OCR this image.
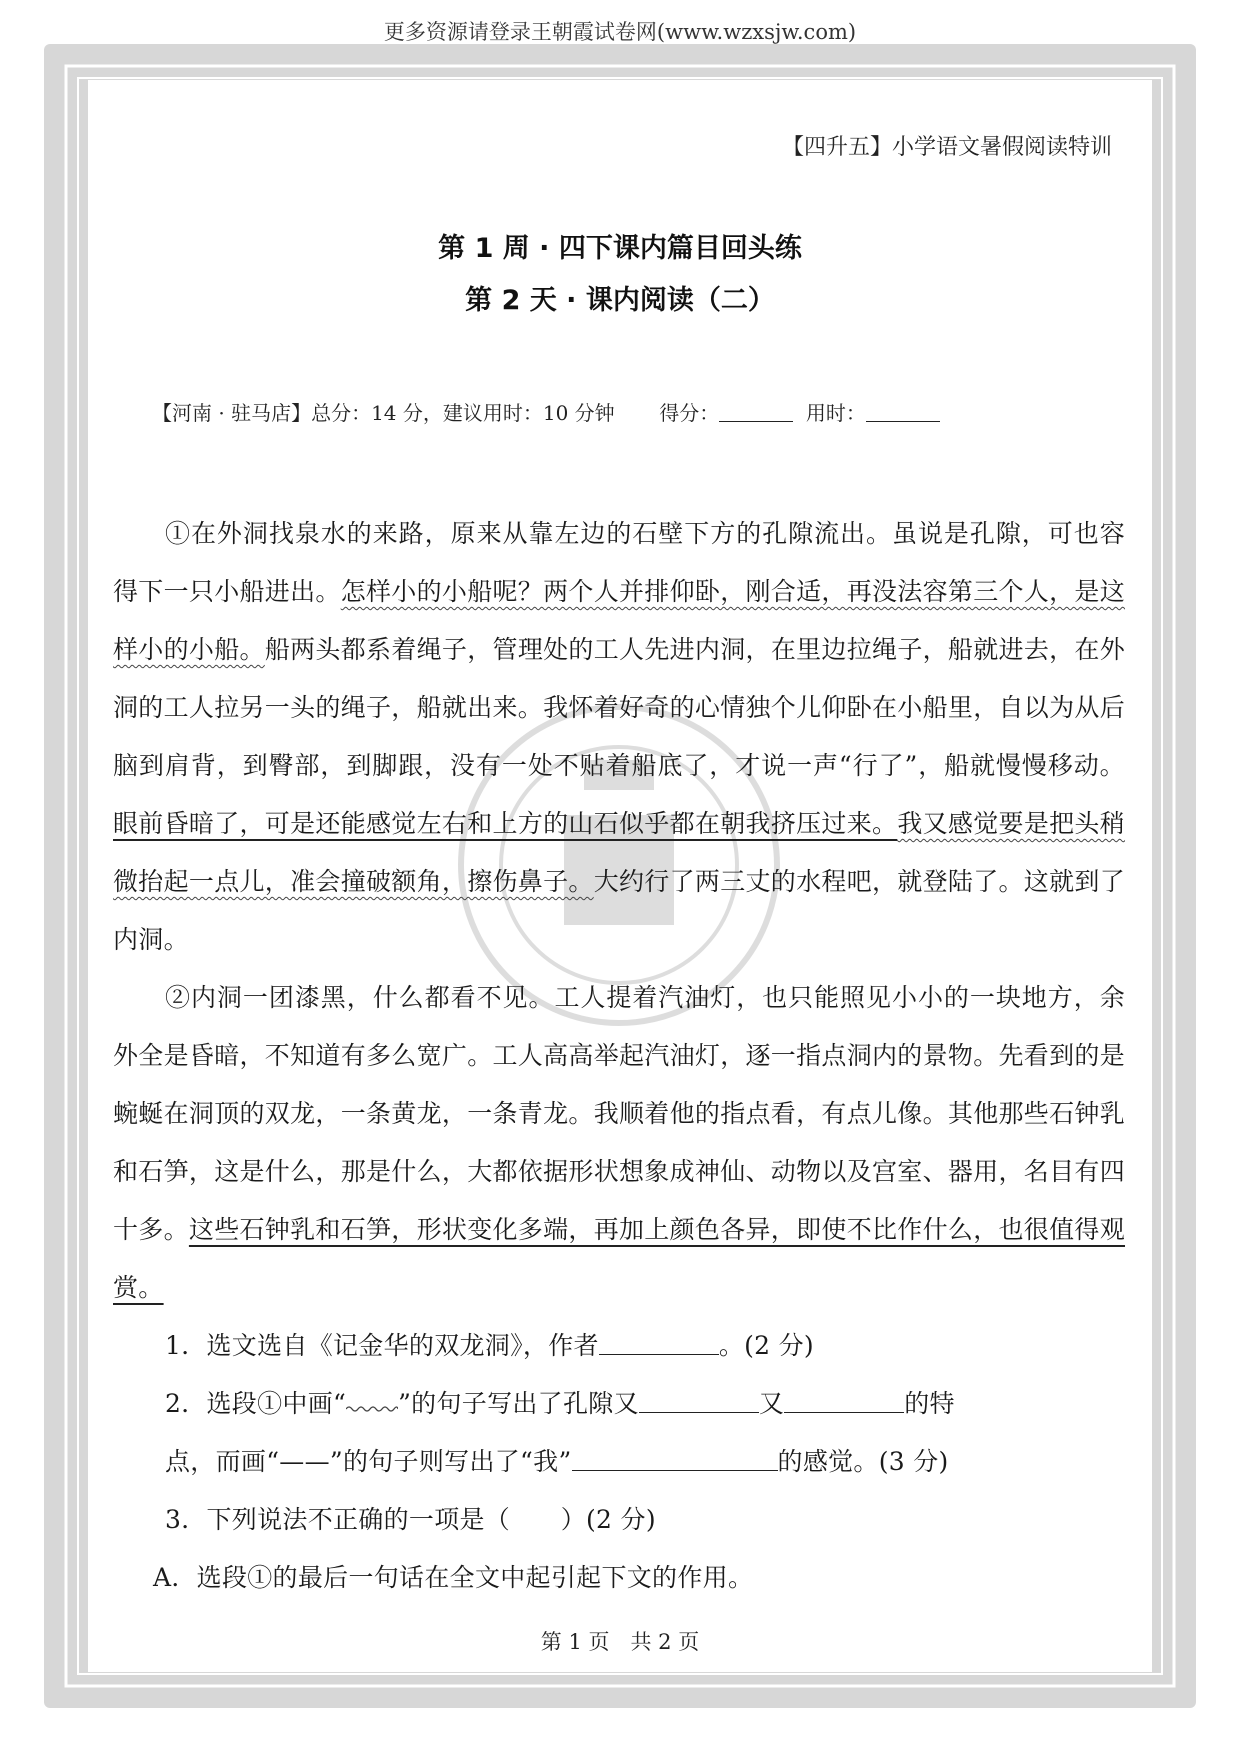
更多资源请登录王朝霞试卷网(www.wzxsjw.com)
【四升五】小学语文暑假阅读特训
第 1 周 · 四下课内篇目回头练
第 2 天 · 课内阅读（二）
【河南 · 驻马店】总分：14 分，建议用时：10 分钟 得分：	用时：

①在外洞找泉水的来路，原来从靠左边的石壁下方的孔隙流出。虽说是孔隙，可也容得下一只小船进出。怎样小的小船呢？两个人并排仰卧，刚合适，再没法容第三个人，是这样小的小船。船两头都系着绳子，管理处的工人先进内洞，在里边拉绳子，船就进去，在外洞的工人拉另一头的绳子，船就出来。我怀着好奇的心情独个儿仰卧在小船里，自以为从后脑到肩背，到臀部，到脚跟，没有一处不贴着船底了，才说一声“行了”，船就慢慢移动。眼前昏暗了，可是还能感觉左右和上方的山石似乎都在朝我挤压过来。我又感觉要是把头稍微抬起一点儿，准会撞破额角，擦伤鼻子。大约行了两三丈的水程吧，就登陆了。这就到了内洞。

②内洞一团漆黑，什么都看不见。工人提着汽油灯，也只能照见小小的一块地方，余外全是昏暗，不知道有多么宽广。工人高高举起汽油灯，逐一指点洞内的景物。先看到的是蜿蜒在洞顶的双龙，一条黄龙，一条青龙。我顺着他的指点看，有点儿像。其他那些石钟乳和石笋，这是什么，那是什么，大都依据形状想象成神仙、动物以及宫室、器用，名目有四十多。这些石钟乳和石笋，形状变化多端，再加上颜色各异，即使不比作什么，也很值得观赏。

1．选文选自《记金华的双龙洞》，作者	。(2 分)

2．选段①中画“ ”的句子写出了孔隙又	又	的特

点，而画“——”的句子则写出了“我”	的感觉。(3 分)

3．下列说法不正确的一项是（　　）(2 分)

A．选段①的最后一句话在全文中起引起下文的作用。

第 1 页　共 2 页
